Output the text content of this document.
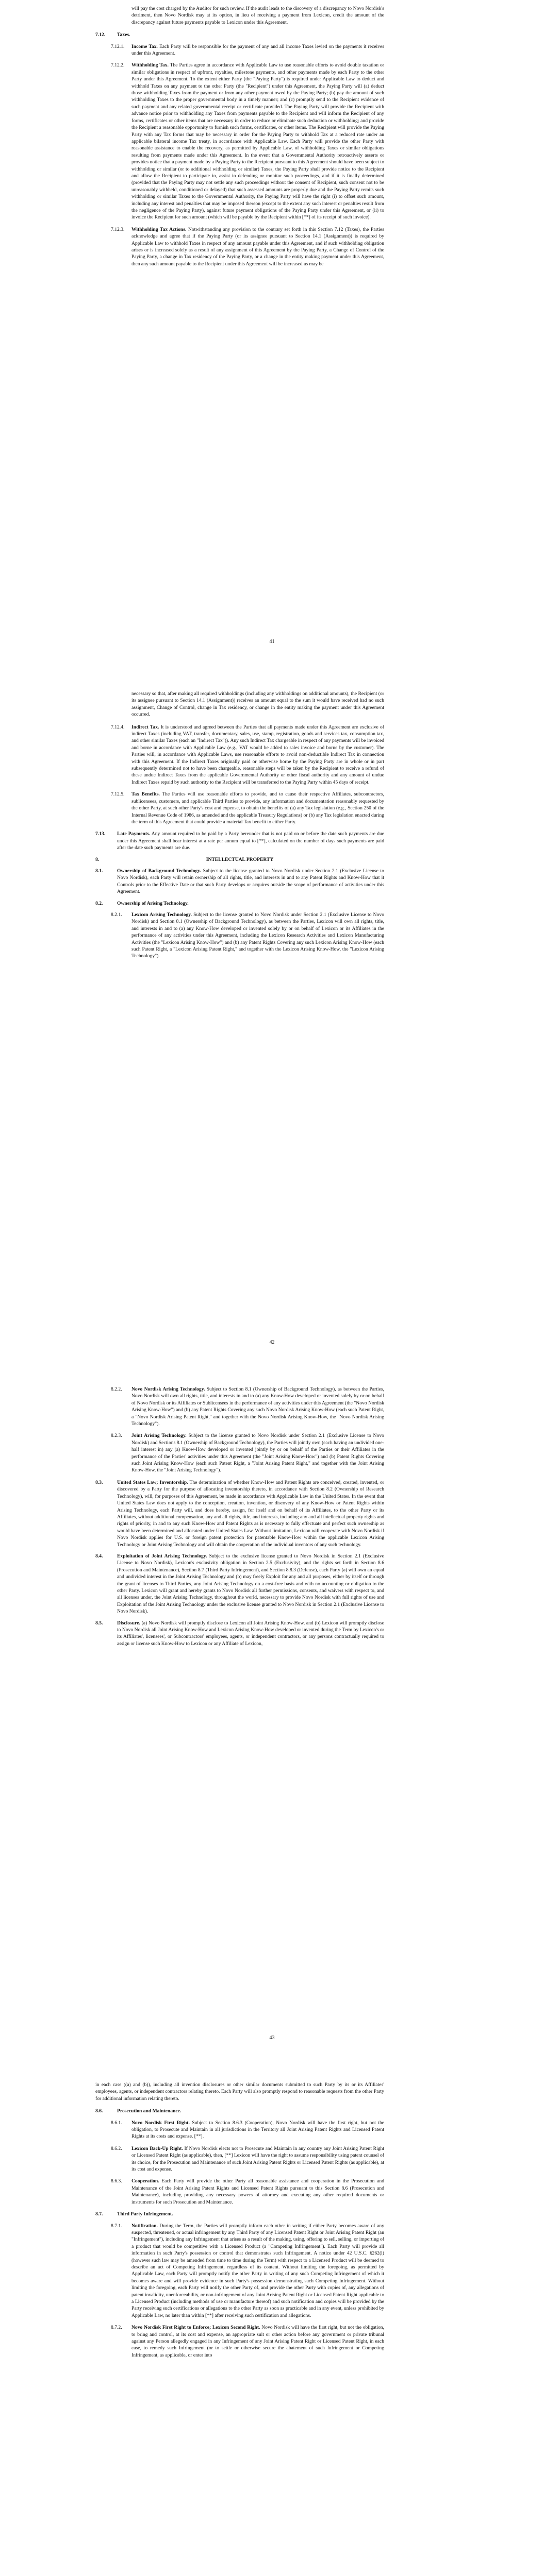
will pay the cost charged by the Auditor for such review. If the audit leads to the discovery of a discrepancy to Novo Nordisk's detriment, then Novo Nordisk may at its option, in lieu of receiving a payment from Lexicon, credit the amount of the discrepancy against future payments payable to Lexicon under this Agreement.
7.12.	Taxes.
7.12.1.	Income Tax. Each Party will be responsible for the payment of any and all income Taxes levied on the payments it receives under this Agreement.
7.12.2.	Withholding Tax. The Parties agree in accordance with Applicable Law to use reasonable efforts to avoid double taxation or similar obligations in respect of upfront, royalties, milestone payments, and other payments made by each Party to the other Party under this Agreement. To the extent either Party (the "Paying Party") is required under Applicable Law to deduct and withhold Taxes on any payment to the other Party (the "Recipient") under this Agreement, the Paying Party will (a) deduct those withholding Taxes from the payment or from any other payment owed by the Paying Party; (b) pay the amount of such withholding Taxes to the proper governmental body in a timely manner; and (c) promptly send to the Recipient evidence of such payment and any related governmental receipt or certificate provided. The Paying Party will provide the Recipient with advance notice prior to withholding any Taxes from payments payable to the Recipient and will inform the Recipient of any forms, certificates or other items that are necessary in order to reduce or eliminate such deduction or withholding; and provide the Recipient a reasonable opportunity to furnish such forms, certificates, or other items. The Recipient will provide the Paying Party with any Tax forms that may be necessary in order for the Paying Party to withhold Tax at a reduced rate under an applicable bilateral income Tax treaty, in accordance with Applicable Law. Each Party will provide the other Party with reasonable assistance to enable the recovery, as permitted by Applicable Law, of withholding Taxes or similar obligations resulting from payments made under this Agreement. In the event that a Governmental Authority retroactively asserts or provides notice that a payment made by a Paying Party to the Recipient pursuant to this Agreement should have been subject to withholding or similar (or to additional withholding or similar) Taxes, the Paying Party shall provide notice to the Recipient and allow the Recipient to participate in, assist in defending or monitor such proceedings, and if it is finally determined (provided that the Paying Party may not settle any such proceedings without the consent of Recipient, such consent not to be unreasonably withheld, conditioned or delayed) that such assessed amounts are properly due and the Paying Party remits such withholding or similar Taxes to the Governmental Authority, the Paying Party will have the right (i) to offset such amount, including any interest and penalties that may be imposed thereon (except to the extent any such interest or penalties result from the negligence of the Paying Party), against future payment obligations of the Paying Party under this Agreement, or (ii) to invoice the Recipient for such amount (which will be payable by the Recipient within [**] of its receipt of such invoice).
7.12.3.	Withholding Tax Actions. Notwithstanding any provision to the contrary set forth in this Section 7.12 (Taxes), the Parties acknowledge and agree that if the Paying Party (or its assignee pursuant to Section 14.1 (Assignment)) is required by Applicable Law to withhold Taxes in respect of any amount payable under this Agreement, and if such withholding obligation arises or is increased solely as a result of any assignment of this Agreement by the Paying Party, a Change of Control of the Paying Party, a change in Tax residency of the Paying Party, or a change in the entity making payment under this Agreement, then any such amount payable to the Recipient under this Agreement will be increased as may be
41
necessary so that, after making all required withholdings (including any withholdings on additional amounts), the Recipient (or its assignee pursuant to Section 14.1 (Assignment)) receives an amount equal to the sum it would have received had no such assignment, Change of Control, change in Tax residency, or change in the entity making the payment under this Agreement occurred.
7.12.4.	Indirect Tax. It is understood and agreed between the Parties that all payments made under this Agreement are exclusive of indirect Taxes (including VAT, transfer, documentary, sales, use, stamp, registration, goods and services tax, consumption tax, and other similar Taxes (each an "Indirect Tax")). Any such Indirect Tax chargeable in respect of any payments will be invoiced and borne in accordance with Applicable Law (e.g., VAT would be added to sales invoice and borne by the customer). The Parties will, in accordance with Applicable Laws, use reasonable efforts to avoid non-deductible Indirect Tax in connection with this Agreement. If the Indirect Taxes originally paid or otherwise borne by the Paying Party are in whole or in part subsequently determined not to have been chargeable, reasonable steps will be taken by the Recipient to receive a refund of these undue Indirect Taxes from the applicable Governmental Authority or other fiscal authority and any amount of undue Indirect Taxes repaid by such authority to the Recipient will be transferred to the Paying Party within 45 days of receipt.
7.12.5.	Tax Benefits. The Parties will use reasonable efforts to provide, and to cause their respective Affiliates, subcontractors, sublicensees, customers, and applicable Third Parties to provide, any information and documentation reasonably requested by the other Party, at such other Party's cost and expense, to obtain the benefits of (a) any Tax legislation (e.g., Section 250 of the Internal Revenue Code of 1986, as amended and the applicable Treasury Regulations) or (b) any Tax legislation enacted during the term of this Agreement that could provide a material Tax benefit to either Party.
7.13.	Late Payments. Any amount required to be paid by a Party hereunder that is not paid on or before the date such payments are due under this Agreement shall bear interest at a rate per annum equal to [**], calculated on the number of days such payments are paid after the date such payments are due.
8.	INTELLECTUAL PROPERTY
8.1.	Ownership of Background Technology. Subject to the license granted to Novo Nordisk under Section 2.1 (Exclusive License to Novo Nordisk), each Party will retain ownership of all rights, title, and interests in and to any Patent Rights and Know-How that it Controls prior to the Effective Date or that such Party develops or acquires outside the scope of performance of activities under this Agreement.
8.2.	Ownership of Arising Technology.
8.2.1.	Lexicon Arising Technology. Subject to the license granted to Novo Nordisk under Section 2.1 (Exclusive License to Novo Nordisk) and Section 8.1 (Ownership of Background Technology), as between the Parties, Lexicon will own all rights, title, and interests in and to (a) any Know-How developed or invented solely by or on behalf of Lexicon or its Affiliates in the performance of any activities under this Agreement, including the Lexicon Research Activities and Lexicon Manufacturing Activities (the "Lexicon Arising Know-How") and (b) any Patent Rights Covering any such Lexicon Arising Know-How (each such Patent Right, a "Lexicon Arising Patent Right," and together with the Lexicon Arising Know-How, the "Lexicon Arising Technology").
42
8.2.2.	Novo Nordisk Arising Technology. Subject to Section 8.1 (Ownership of Background Technology), as between the Parties, Novo Nordisk will own all rights, title, and interests in and to (a) any Know-How developed or invented solely by or on behalf of Novo Nordisk or its Affiliates or Sublicensees in the performance of any activities under this Agreement (the "Novo Nordisk Arising Know-How") and (b) any Patent Rights Covering any such Novo Nordisk Arising Know-How (each such Patent Right, a "Novo Nordisk Arising Patent Right," and together with the Novo Nordisk Arising Know-How, the "Novo Nordisk Arising Technology").
8.2.3.	Joint Arising Technology. Subject to the license granted to Novo Nordisk under Section 2.1 (Exclusive License to Novo Nordisk) and Sections 8.1 (Ownership of Background Technology), the Parties will jointly own (each having an undivided one-half interest in) any (a) Know-How developed or invented jointly by or on behalf of the Parties or their Affiliates in the performance of the Parties' activities under this Agreement (the "Joint Arising Know-How") and (b) Patent Rights Covering such Joint Arising Know-How (each such Patent Right, a "Joint Arising Patent Right," and together with the Joint Arising Know-How, the "Joint Arising Technology").
8.3.	United States Law; Inventorship. The determination of whether Know-How and Patent Rights are conceived, created, invented, or discovered by a Party for the purpose of allocating inventorship thereto, in accordance with Section 8.2 (Ownership of Research Technology), will, for purposes of this Agreement, be made in accordance with Applicable Law in the United States. In the event that United States Law does not apply to the conception, creation, invention, or discovery of any Know-How or Patent Rights within Arising Technology, each Party will, and does hereby, assign, for itself and on behalf of its Affiliates, to the other Party or its Affiliates, without additional compensation, any and all rights, title, and interests, including any and all intellectual property rights and rights of priority, in and to any such Know-How and Patent Rights as is necessary to fully effectuate and perfect such ownership as would have been determined and allocated under United States Law. Without limitation, Lexicon will cooperate with Novo Nordisk if Novo Nordisk applies for U.S. or foreign patent protection for patentable Know-How within the applicable Lexicon Arising Technology or Joint Arising Technology and will obtain the cooperation of the individual inventors of any such technology.
8.4.	Exploitation of Joint Arising Technology. Subject to the exclusive license granted to Novo Nordisk in Section 2.1 (Exclusive License to Novo Nordisk), Lexicon's exclusivity obligation in Section 2.5 (Exclusivity), and the rights set forth in Section 8.6 (Prosecution and Maintenance), Section 8.7 (Third Party Infringement), and Section 8.8.3 (Defense), each Party (a) will own an equal and undivided interest in the Joint Arising Technology and (b) may freely Exploit for any and all purposes, either by itself or through the grant of licenses to Third Parties, any Joint Arising Technology on a cost-free basis and with no accounting or obligation to the other Party. Lexicon will grant and hereby grants to Novo Nordisk all further permissions, consents, and waivers with respect to, and all licenses under, the Joint Arising Technology, throughout the world, necessary to provide Novo Nordisk with full rights of use and Exploitation of the Joint Arising Technology under the exclusive license granted to Novo Nordisk in Section 2.1 (Exclusive License to Novo Nordisk).
8.5.	Disclosure. (a) Novo Nordisk will promptly disclose to Lexicon all Joint Arising Know-How, and (b) Lexicon will promptly disclose to Novo Nordisk all Joint Arising Know-How and Lexicon Arising Know-How developed or invented during the Term by Lexicon's or its Affiliates', licensees', or Subcontractors' employees, agents, or independent contractors, or any persons contractually required to assign or license such Know-How to Lexicon or any Affiliate of Lexicon,
43
in each case ((a) and (b)), including all invention disclosures or other similar documents submitted to such Party by its or its Affiliates' employees, agents, or independent contractors relating thereto. Each Party will also promptly respond to reasonable requests from the other Party for additional information relating thereto.
8.6.	Prosecution and Maintenance.
8.6.1.	Novo Nordisk First Right. Subject to Section 8.6.3 (Cooperation), Novo Nordisk will have the first right, but not the obligation, to Prosecute and Maintain in all jurisdictions in the Territory all Joint Arising Patent Rights and Licensed Patent Rights at its costs and expense. [**].
8.6.2.	Lexicon Back-Up Right. If Novo Nordisk elects not to Prosecute and Maintain in any country any Joint Arising Patent Right or Licensed Patent Right (as applicable), then, [**] Lexicon will have the right to assume responsibility using patent counsel of its choice, for the Prosecution and Maintenance of such Joint Arising Patent Rights or Licensed Patent Rights (as applicable), at its cost and expense.
8.6.3.	Cooperation. Each Party will provide the other Party all reasonable assistance and cooperation in the Prosecution and Maintenance of the Joint Arising Patent Rights and Licensed Patent Rights pursuant to this Section 8.6 (Prosecution and Maintenance), including providing any necessary powers of attorney and executing any other required documents or instruments for such Prosecution and Maintenance.
8.7.	Third Party Infringement.
8.7.1.	Notification. During the Term, the Parties will promptly inform each other in writing if either Party becomes aware of any suspected, threatened, or actual infringement by any Third Party of any Licensed Patent Right or Joint Arising Patent Right (an "Infringement"), including any Infringement that arises as a result of the making, using, offering to sell, selling, or importing of a product that would be competitive with a Licensed Product (a "Competing Infringement"). Each Party will provide all information in such Party's possession or control that demonstrates such Infringement. A notice under 42 U.S.C. §262(l) (however such law may be amended from time to time during the Term) with respect to a Licensed Product will be deemed to describe an act of Competing Infringement, regardless of its content. Without limiting the foregoing, as permitted by Applicable Law, each Party will promptly notify the other Party in writing of any such Competing Infringement of which it becomes aware and will provide evidence in such Party's possession demonstrating such Competing Infringement. Without limiting the foregoing, each Party will notify the other Party of, and provide the other Party with copies of, any allegations of patent invalidity, unenforceability, or non-infringement of any Joint Arising Patent Right or Licensed Patent Right applicable to a Licensed Product (including methods of use or manufacture thereof) and such notification and copies will be provided by the Party receiving such certifications or allegations to the other Party as soon as practicable and in any event, unless prohibited by Applicable Law, no later than within [**] after receiving such certification and allegations.
8.7.2.	Novo Nordisk First Right to Enforce; Lexicon Second Right. Novo Nordisk will have the first right, but not the obligation, to bring and control, at its cost and expense, an appropriate suit or other action before any government or private tribunal against any Person allegedly engaged in any Infringement of any Joint Arising Patent Right or Licensed Patent Right, in each case, to remedy such Infringement (or to settle or otherwise secure the abatement of such Infringement or Competing Infringement, as applicable, or enter into
